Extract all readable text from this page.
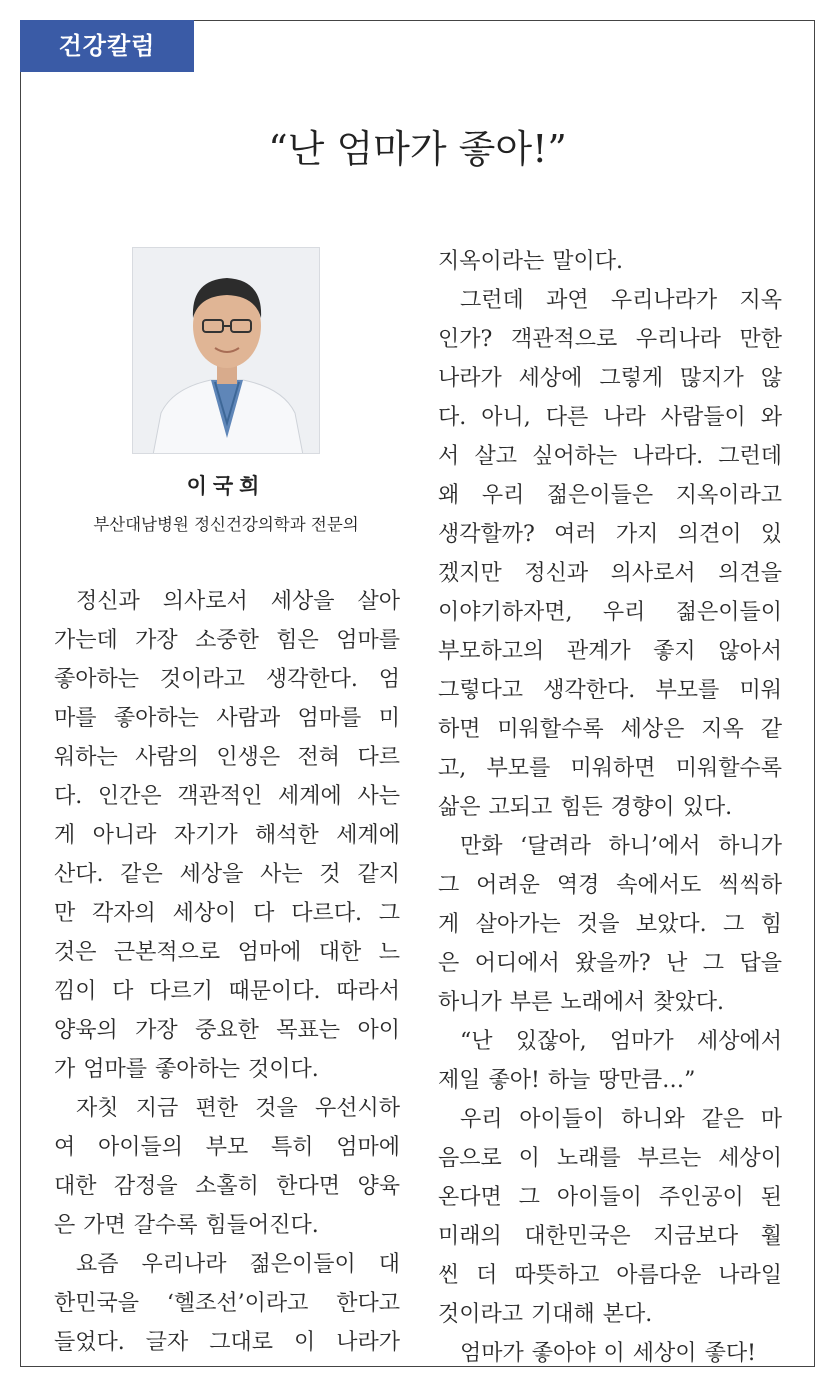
건강칼럼
“난 엄마가 좋아!”
이국희
부산대남병원 정신건강의학과 전문의
정신과 의사로서 세상을 살아
가는데 가장 소중한 힘은 엄마를
좋아하는 것이라고 생각한다. 엄
마를 좋아하는 사람과 엄마를 미
워하는 사람의 인생은 전혀 다르
다. 인간은 객관적인 세계에 사는
게 아니라 자기가 해석한 세계에
산다. 같은 세상을 사는 것 같지
만 각자의 세상이 다 다르다. 그
것은 근본적으로 엄마에 대한 느
낌이 다 다르기 때문이다. 따라서
양육의 가장 중요한 목표는 아이
가 엄마를 좋아하는 것이다.
자칫 지금 편한 것을 우선시하
여 아이들의 부모 특히 엄마에
대한 감정을 소홀히 한다면 양육
은 가면 갈수록 힘들어진다.
요즘 우리나라 젊은이들이 대
한민국을 ‘헬조선’이라고 한다고
들었다. 글자 그대로 이 나라가
지옥이라는 말이다.
그런데 과연 우리나라가 지옥
인가? 객관적으로 우리나라 만한
나라가 세상에 그렇게 많지가 않
다. 아니, 다른 나라 사람들이 와
서 살고 싶어하는 나라다. 그런데
왜 우리 젊은이들은 지옥이라고
생각할까? 여러 가지 의견이 있
겠지만 정신과 의사로서 의견을
이야기하자면, 우리 젊은이들이
부모하고의 관계가 좋지 않아서
그렇다고 생각한다. 부모를 미워
하면 미워할수록 세상은 지옥 같
고, 부모를 미워하면 미워할수록
삶은 고되고 힘든 경향이 있다.
만화 ‘달려라 하니’에서 하니가
그 어려운 역경 속에서도 씩씩하
게 살아가는 것을 보았다. 그 힘
은 어디에서 왔을까? 난 그 답을
하니가 부른 노래에서 찾았다.
“난 있잖아, 엄마가 세상에서
제일 좋아! 하늘 땅만큼…”
우리 아이들이 하니와 같은 마
음으로 이 노래를 부르는 세상이
온다면 그 아이들이 주인공이 된
미래의 대한민국은 지금보다 훨
씬 더 따뜻하고 아름다운 나라일
것이라고 기대해 본다.
엄마가 좋아야 이 세상이 좋다!
